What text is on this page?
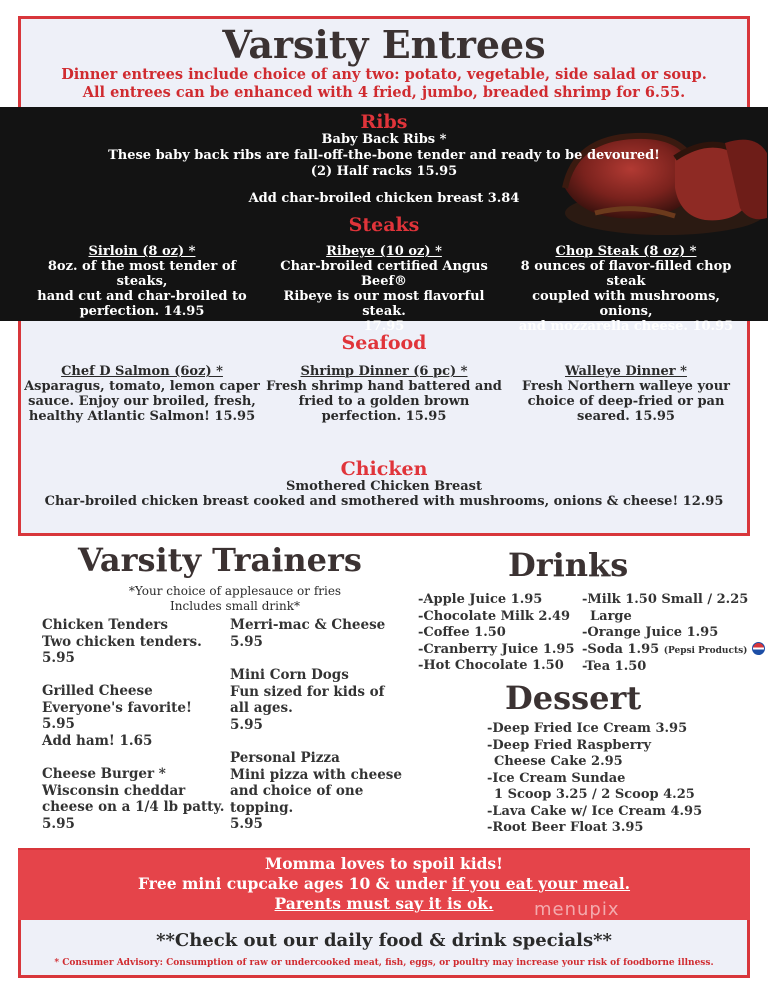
Varsity Entrees
Dinner entrees include choice of any two: potato, vegetable, side salad or soup.
All entrees can be enhanced with 4 fried, jumbo, breaded shrimp for 6.55.
Ribs
Baby Back Ribs *
These baby back ribs are fall-off-the-bone tender and ready to be devoured!
(2) Half racks 15.95
Add char-broiled chicken breast 3.84
Steaks
Sirloin (8 oz) *
8oz. of the most tender of steaks,
hand cut and char-broiled to
perfection. 14.95
Ribeye (10 oz) *
Char-broiled certified Angus Beef®
Ribeye is our most flavorful steak.
17.95
Chop Steak (8 oz) *
8 ounces of flavor-filled chop steak
coupled with mushrooms, onions,
and mozzarella cheese. 10.95
Seafood
Chef D Salmon (6oz) *
Asparagus, tomato, lemon caper
sauce. Enjoy our broiled, fresh,
healthy Atlantic Salmon! 15.95
Shrimp Dinner (6 pc) *
Fresh shrimp hand battered and
fried to a golden brown
perfection. 15.95
Walleye Dinner *
Fresh Northern walleye your
choice of deep-fried or pan
seared. 15.95
Chicken
Smothered Chicken Breast
Char-broiled chicken breast cooked and smothered with mushrooms, onions & cheese! 12.95
Varsity Trainers
*Your choice of applesauce or fries
Includes small drink*
Chicken Tenders
Two chicken tenders.
5.95
Grilled Cheese
Everyone's favorite!
5.95
Add ham! 1.65
Cheese Burger *
Wisconsin cheddar
cheese on a 1/4 lb patty.
5.95
Merri-mac & Cheese
5.95
Mini Corn Dogs
Fun sized for kids of
all ages.
5.95
Personal Pizza
Mini pizza with cheese
and choice of one
topping.
5.95
Drinks
-Apple Juice 1.95
-Chocolate Milk 2.49
-Coffee 1.50
-Cranberry Juice 1.95
-Hot Chocolate 1.50
-Milk 1.50 Small / 2.25
Large
-Orange Juice 1.95
-Soda 1.95 (Pepsi Products)
-Tea 1.50
Dessert
-Deep Fried Ice Cream 3.95
-Deep Fried Raspberry
Cheese Cake 2.95
-Ice Cream Sundae
1 Scoop 3.25 / 2 Scoop 4.25
-Lava Cake w/ Ice Cream 4.95
-Root Beer Float 3.95
Momma loves to spoil kids!
Free mini cupcake ages 10 & under if you eat your meal.
Parents must say it is ok.	menupix
**Check out our daily food & drink specials**
* Consumer Advisory: Consumption of raw or undercooked meat, fish, eggs, or poultry may increase your risk of foodborne illness.
